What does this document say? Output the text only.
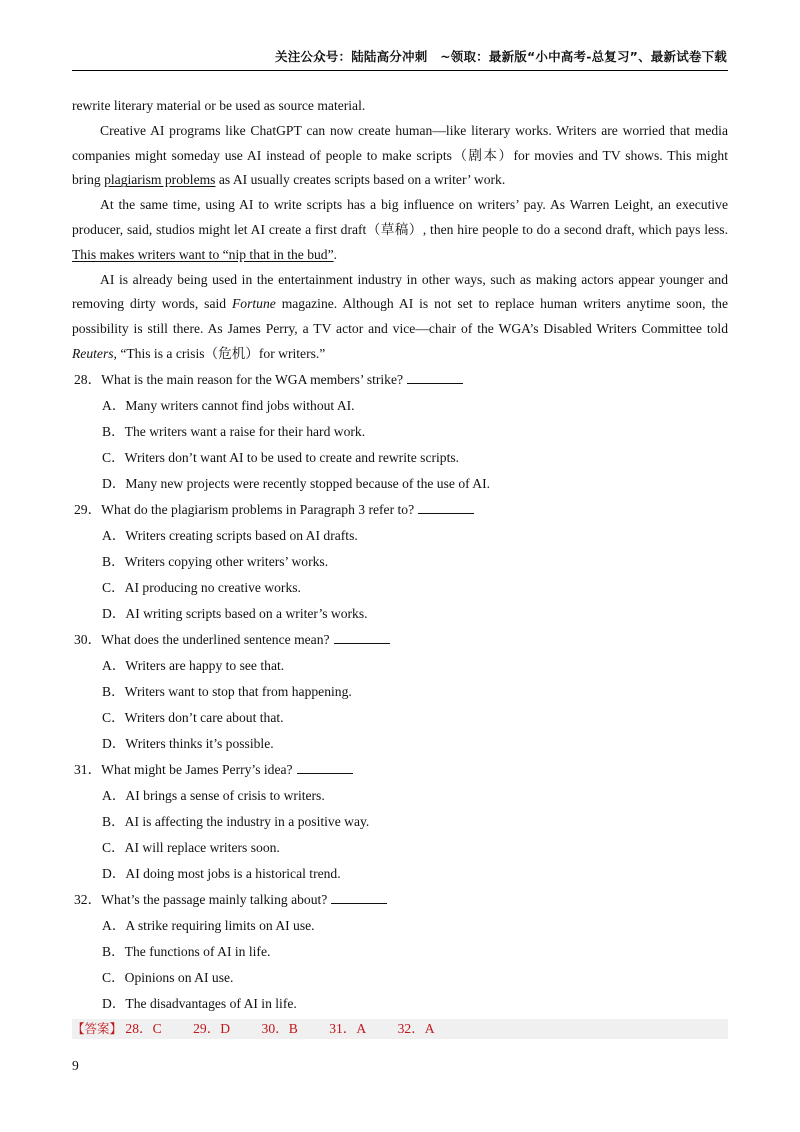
关注公众号：陆陆高分冲刺　~领取：最新版“小中高考-总复习”、最新试卷下载

rewrite literary material or be used as source material.

Creative AI programs like ChatGPT can now create human—like literary works. Writers are worried that media companies might someday use AI instead of people to make scripts（剧本）for movies and TV shows. This might bring plagiarism problems as AI usually creates scripts based on a writer’ work.

At the same time, using AI to write scripts has a big influence on writers’ pay. As Warren Leight, an executive producer, said, studios might let AI create a first draft（草稿）, then hire people to do a second draft, which pays less. This makes writers want to “nip that in the bud”.

AI is already being used in the entertainment industry in other ways, such as making actors appear younger and removing dirty words, said Fortune magazine. Although AI is not set to replace human writers anytime soon, the possibility is still there. As James Perry, a TV actor and vice—chair of the WGA’s Disabled Writers Committee told Reuters, “This is a crisis（危机）for writers.”

28．What is the main reason for the WGA members’ strike?
A．Many writers cannot find jobs without AI.
B．The writers want a raise for their hard work.
C．Writers don’t want AI to be used to create and rewrite scripts.
D．Many new projects were recently stopped because of the use of AI.
29．What do the plagiarism problems in Paragraph 3 refer to?
A．Writers creating scripts based on AI drafts.
B．Writers copying other writers’ works.
C．AI producing no creative works.
D．AI writing scripts based on a writer’s works.
30．What does the underlined sentence mean?
A．Writers are happy to see that.
B．Writers want to stop that from happening.
C．Writers don’t care about that.
D．Writers thinks it’s possible.
31．What might be James Perry’s idea?
A．AI brings a sense of crisis to writers.
B．AI is affecting the industry in a positive way.
C．AI will replace writers soon.
D．AI doing most jobs is a historical trend.
32．What’s the passage mainly talking about?
A．A strike requiring limits on AI use.
B．The functions of AI in life.
C．Opinions on AI use.
D．The disadvantages of AI in life.
【答案】 28．C 29．D 30．B 31．A 32．A
9
